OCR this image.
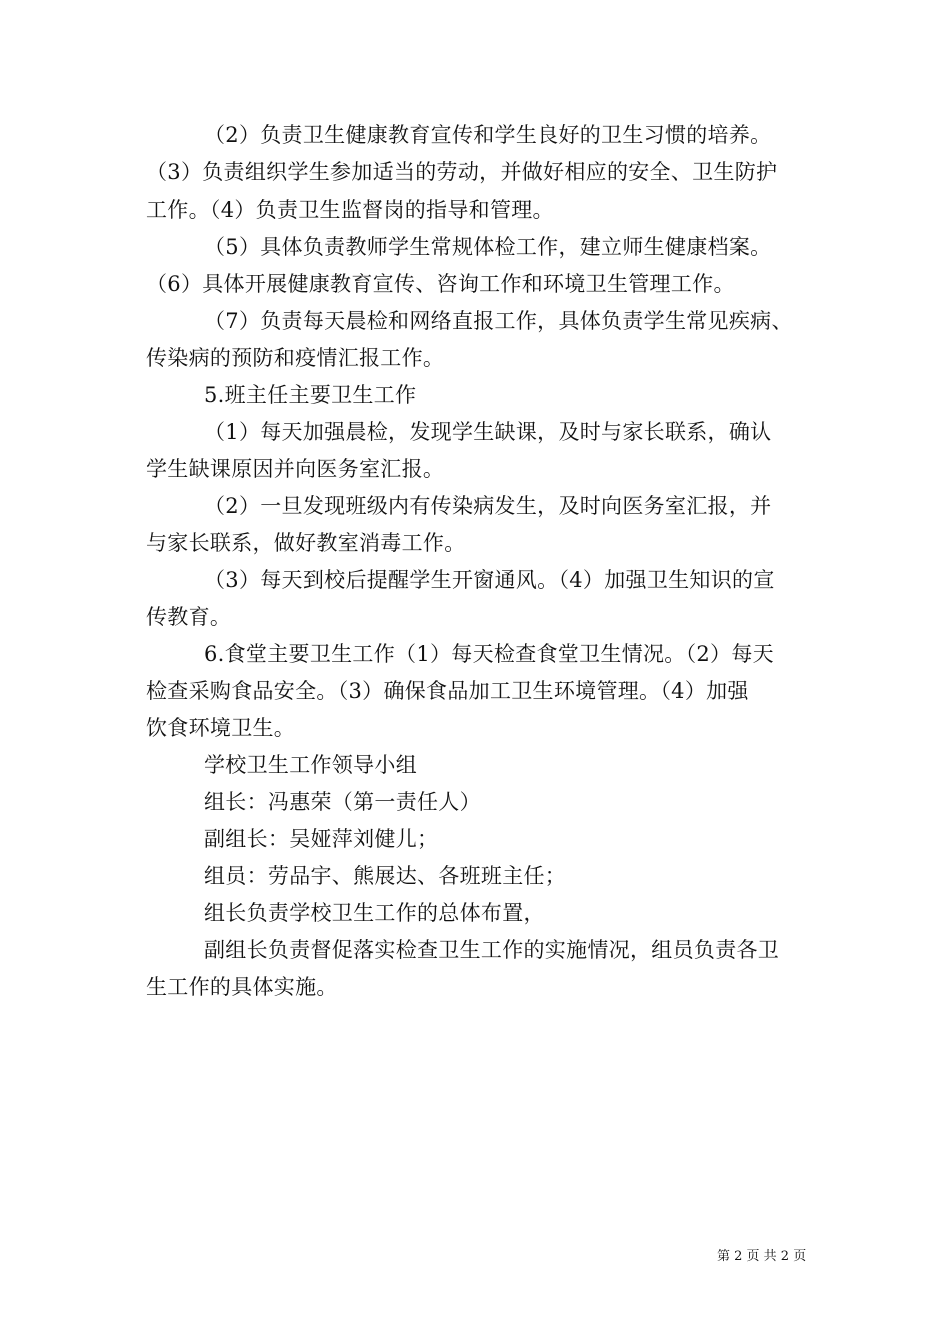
（2）负责卫生健康教育宣传和学生良好的卫生习惯的培养。
（3）负责组织学生参加适当的劳动，并做好相应的安全、卫生防护
工作。（4）负责卫生监督岗的指导和管理。
（5）具体负责教师学生常规体检工作，建立师生健康档案。
（6）具体开展健康教育宣传、咨询工作和环境卫生管理工作。
（7）负责每天晨检和网络直报工作，具体负责学生常见疾病、
传染病的预防和疫情汇报工作。
5.班主任主要卫生工作
（1）每天加强晨检，发现学生缺课，及时与家长联系，确认
学生缺课原因并向医务室汇报。
（2）一旦发现班级内有传染病发生，及时向医务室汇报，并
与家长联系，做好教室消毒工作。
（3）每天到校后提醒学生开窗通风。（4）加强卫生知识的宣
传教育。
6.食堂主要卫生工作（1）每天检查食堂卫生情况。（2）每天
检查采购食品安全。（3）确保食品加工卫生环境管理。（4）加强
饮食环境卫生。
学校卫生工作领导小组
组长：冯惠荣（第一责任人）
副组长：吴娅萍刘健儿；
组员：劳品宇、熊展达、各班班主任；
组长负责学校卫生工作的总体布置，
副组长负责督促落实检查卫生工作的实施情况，组员负责各卫
生工作的具体实施。
第 2 页 共 2 页
